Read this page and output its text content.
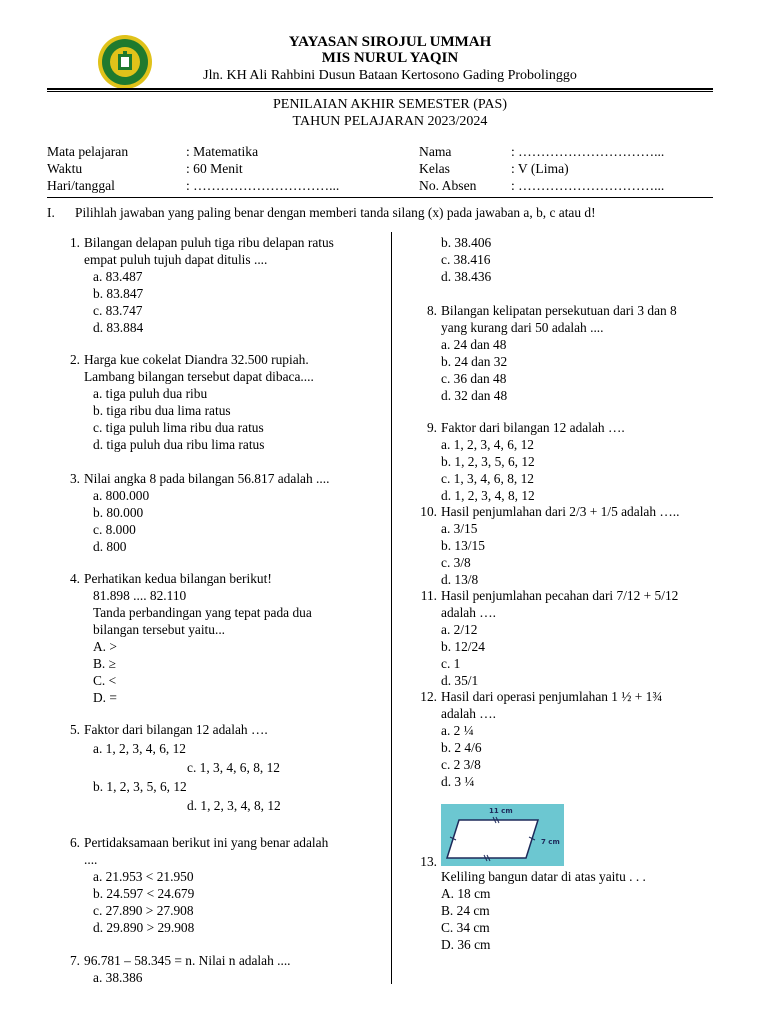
YAYASAN SIROJUL UMMAH
MIS NURUL YAQIN
Jln. KH Ali Rahbini Dusun Bataan Kertosono Gading Probolinggo
PENILAIAN AKHIR SEMESTER (PAS)
TAHUN PELAJARAN 2023/2024
Mata pelajaran	: Matematika
Waktu	: 60 Menit
Hari/tanggal	: …………………………...
Nama	: …………………………...
Kelas	: V (Lima)
No. Absen	: …………………………...
I. Pilihlah jawaban yang paling benar dengan memberi tanda silang (x) pada jawaban a, b, c atau d!
1. Bilangan delapan puluh tiga ribu delapan ratus
empat puluh tujuh dapat ditulis ....
a. 83.487
b. 83.847
c. 83.747
d. 83.884
2. Harga kue cokelat Diandra 32.500 rupiah.
Lambang bilangan tersebut dapat dibaca....
a. tiga puluh dua ribu
b. tiga ribu dua lima ratus
c. tiga puluh lima ribu dua ratus
d. tiga puluh dua ribu lima ratus
3. Nilai angka 8 pada bilangan 56.817 adalah ....
a. 800.000
b. 80.000
c. 8.000
d. 800
4. Perhatikan kedua bilangan berikut!
81.898 .... 82.110
Tanda perbandingan yang tepat pada dua
bilangan tersebut yaitu...
A. >
B. ≥
C. <
D. =
5. Faktor dari bilangan 12 adalah ….
a. 1, 2, 3, 4, 6, 12
c. 1, 3, 4, 6, 8, 12
b. 1, 2, 3, 5, 6, 12
d. 1, 2, 3, 4, 8, 12
6. Pertidaksamaan berikut ini yang benar adalah
....
a. 21.953 < 21.950
b. 24.597 < 24.679
c. 27.890 > 27.908
d. 29.890 > 29.908
7. 96.781 – 58.345 = n. Nilai n adalah ....
a. 38.386
b. 38.406
c. 38.416
d. 38.436
8. Bilangan kelipatan persekutuan dari 3 dan 8
yang kurang dari 50 adalah ....
a. 24 dan 48
b. 24 dan 32
c. 36 dan 48
d. 32 dan 48
9. Faktor dari bilangan 12 adalah ….
a. 1, 2, 3, 4, 6, 12
b. 1, 2, 3, 5, 6, 12
c. 1, 3, 4, 6, 8, 12
d. 1, 2, 3, 4, 8, 12
10. Hasil penjumlahan dari 2/3 + 1/5 adalah …..
a. 3/15
b. 13/15
c. 3/8
d. 13/8
11. Hasil penjumlahan pecahan dari 7/12 + 5/12
adalah ….
a. 2/12
b. 12/24
c. 1
d. 35/1
12. Hasil dari operasi penjumlahan 1 ½ + 1¾
adalah ….
a. 2 ¼
b. 2 4/6
c. 2 3/8
d. 3 ¼
11 cm
7 cm
13.
Keliling bangun datar di atas yaitu . . .
A. 18 cm
B. 24 cm
C. 34 cm
D. 36 cm
